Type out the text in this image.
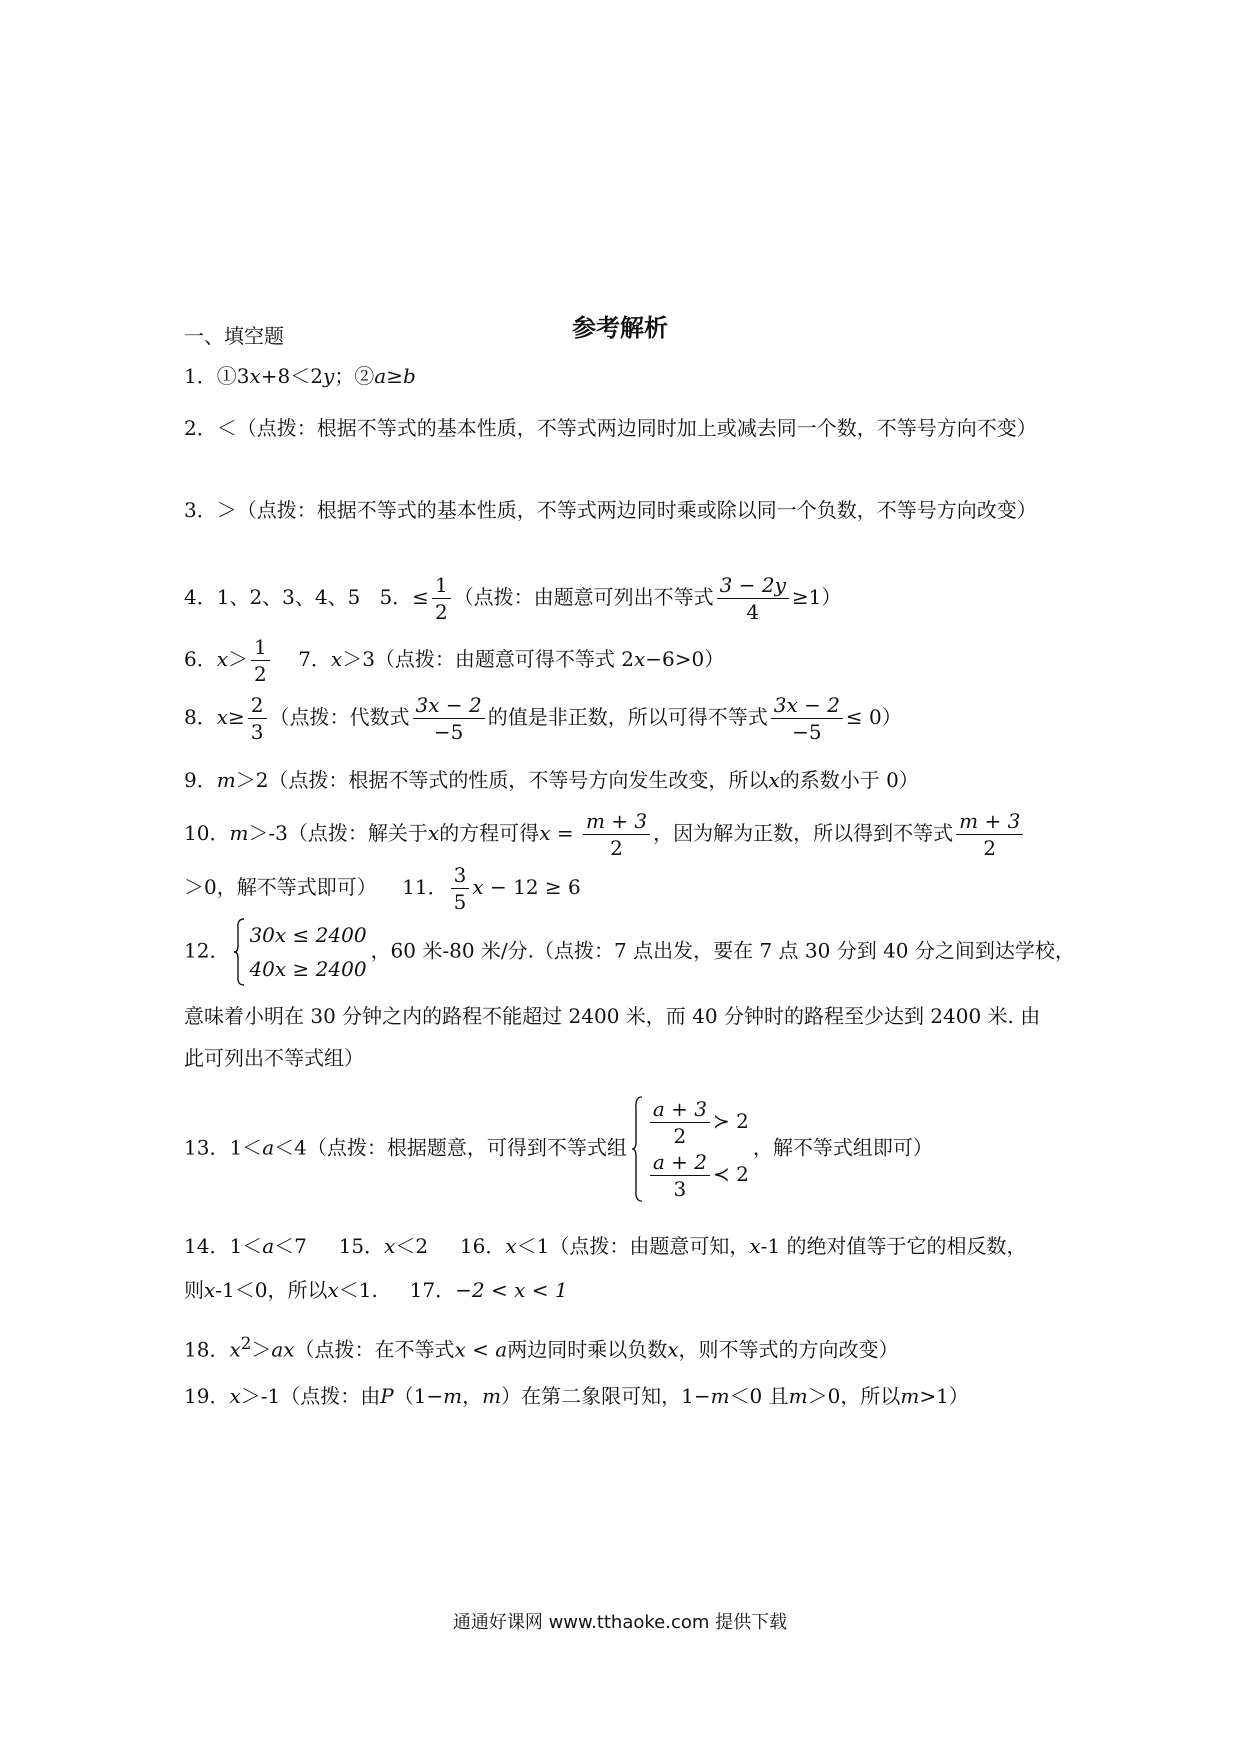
参考解析
一、填空题
1．①3x+8＜2y；②a≥b
2．＜（点拨：根据不等式的基本性质，不等式两边同时加上或减去同一个数，不等号方向不变）
3．＞（点拨：根据不等式的基本性质，不等式两边同时乘或除以同一个负数，不等号方向改变）
4．1、2、3、4、5 5．≤ $\frac{1}{2}$ （点拨：由题意可列出不等式 $\frac{3 - 2y}{4} \ge 1$）
6．$x> \frac{1}{2} 7$．x＞3（点拨：由题意可得不等式 2x−6>0）
8．$x\ge \frac{2}{3}$ （点拨：代数式 $\frac{3x - 2}{-5}$ 的值是非正数，所以可得不等式 $\frac{3x - 2}{-5} \le 0$）
9．m＞2（点拨：根据不等式的性质，不等号方向发生改变，所以x的系数小于 0）
10．m＞-3（点拨：解关于x的方程可得$x = \frac{m + 3}{2}$ ，因为解为正数，所以得到不等式 $\frac{m + 3}{2}$
＞0，解不等式即可） 11． $\frac{3}{5}$ x − 12 ≥ 6
12．
30x ≤ 2400
40x ≥ 2400
，60 米-80 米/分.（点拨：7 点出发，要在 7 点 30 分到 40 分之间到达学校，
意味着小明在 30 分钟之内的路程不能超过 2400 米，而 40 分钟时的路程至少达到 2400 米. 由
此可列出不等式组）
13．1＜a＜4（点拨：根据题意，可得到不等式组 $\frac{a + 3}{2}$ ≻ 2
$\frac{a + 2}{3}$ ≺ 2
，解不等式组即可）
14．1＜a＜7 15．x＜2 16．x＜1（点拨：由题意可知，x-1 的绝对值等于它的相反数，
则x-1＜0，所以x＜1. 17．−2 < x < 1
18．$x^2>ax$（点拨：在不等式x < a两边同时乘以负数x，则不等式的方向改变）
19．x＞-1（点拨：由P（1−m，m）在第二象限可知，1−m＜0 且m＞0，所以m>1）
通通好课网 www.tthaoke.com 提供下载
